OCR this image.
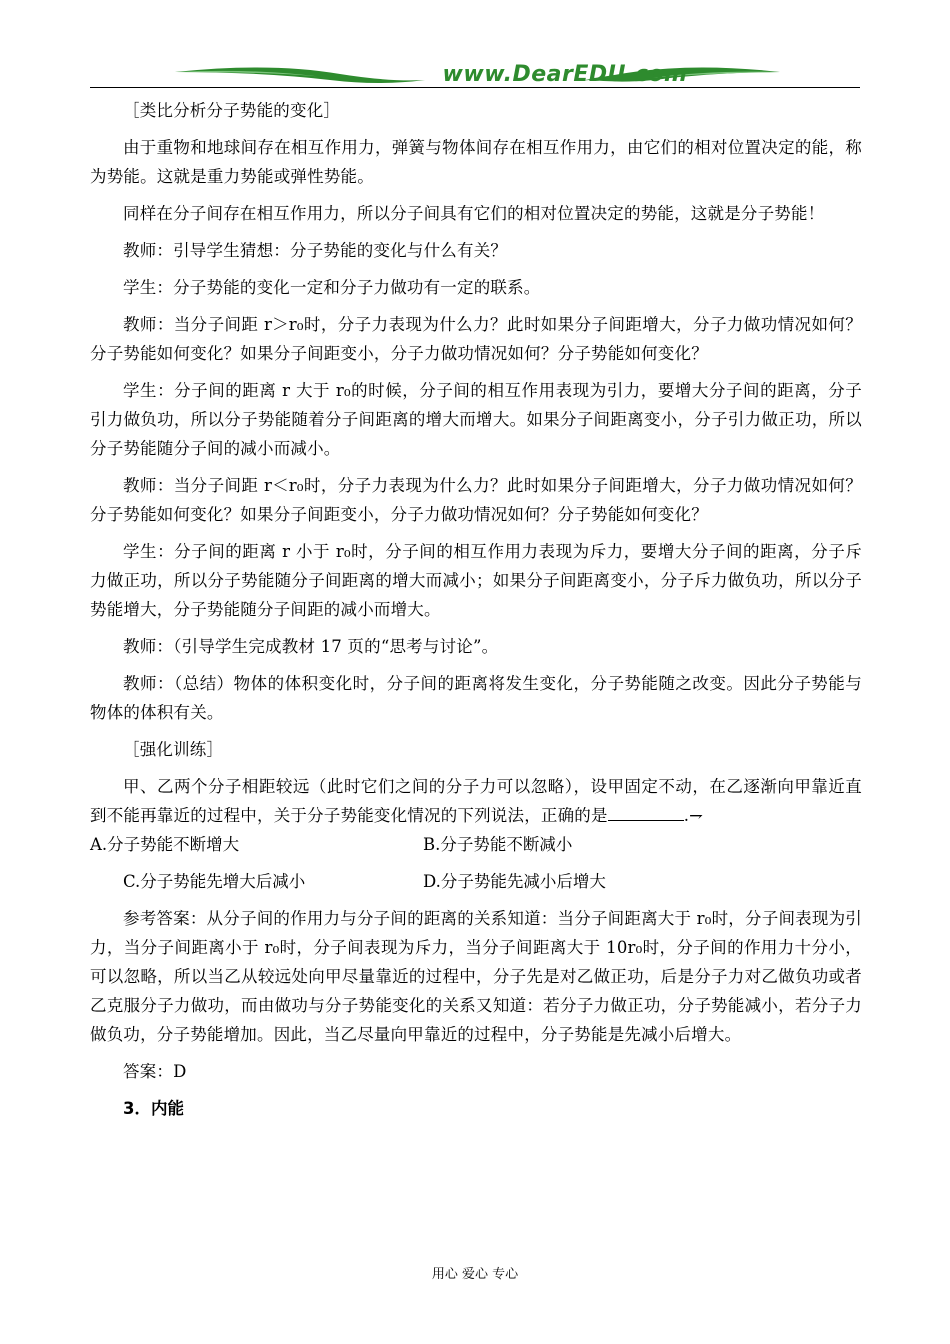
www.DearEDU.com

［类比分析分子势能的变化］

由于重物和地球间存在相互作用力，弹簧与物体间存在相互作用力，由它们的相对位置决定的能，称为势能。这就是重力势能或弹性势能。

同样在分子间存在相互作用力，所以分子间具有它们的相对位置决定的势能，这就是分子势能！

教师：引导学生猜想：分子势能的变化与什么有关？

学生：分子势能的变化一定和分子力做功有一定的联系。

教师：当分子间距 r＞r₀时，分子力表现为什么力？此时如果分子间距增大，分子力做功情况如何？分子势能如何变化？如果分子间距变小，分子力做功情况如何？分子势能如何变化？

学生：分子间的距离 r 大于 r₀的时候，分子间的相互作用表现为引力，要增大分子间的距离，分子引力做负功，所以分子势能随着分子间距离的增大而增大。如果分子间距离变小，分子引力做正功，所以分子势能随分子间的减小而减小。

教师：当分子间距 r＜r₀时，分子力表现为什么力？此时如果分子间距增大，分子力做功情况如何？分子势能如何变化？如果分子间距变小，分子力做功情况如何？分子势能如何变化？

学生：分子间的距离 r 小于 r₀时，分子间的相互作用力表现为斥力，要增大分子间的距离，分子斥力做正功，所以分子势能随分子间距离的增大而减小；如果分子间距离变小，分子斥力做负功，所以分子势能增大，分子势能随分子间距的减小而增大。

教师：（引导学生完成教材 17 页的“思考与讨论”。

教师：（总结）物体的体积变化时，分子间的距离将发生变化，分子势能随之改变。因此分子势能与物体的体积有关。

［强化训练］

甲、乙两个分子相距较远（此时它们之间的分子力可以忽略），设甲固定不动，在乙逐渐向甲靠近直到不能再靠近的过程中，关于分子势能变化情况的下列说法，正确的是	.⇁

A.分子势能不断增大	B.分子势能不断减小
C.分子势能先增大后减小	D.分子势能先减小后增大

参考答案：从分子间的作用力与分子间的距离的关系知道：当分子间距离大于 r₀时，分子间表现为引力，当分子间距离小于 r₀时，分子间表现为斥力，当分子间距离大于 10r₀时，分子间的作用力十分小，可以忽略，所以当乙从较远处向甲尽量靠近的过程中，分子先是对乙做正功，后是分子力对乙做负功或者乙克服分子力做功，而由做功与分子势能变化的关系又知道：若分子力做正功，分子势能减小，若分子力做负功，分子势能增加。因此，当乙尽量向甲靠近的过程中，分子势能是先减小后增大。

答案：D

3．内能
用心 爱心 专心
